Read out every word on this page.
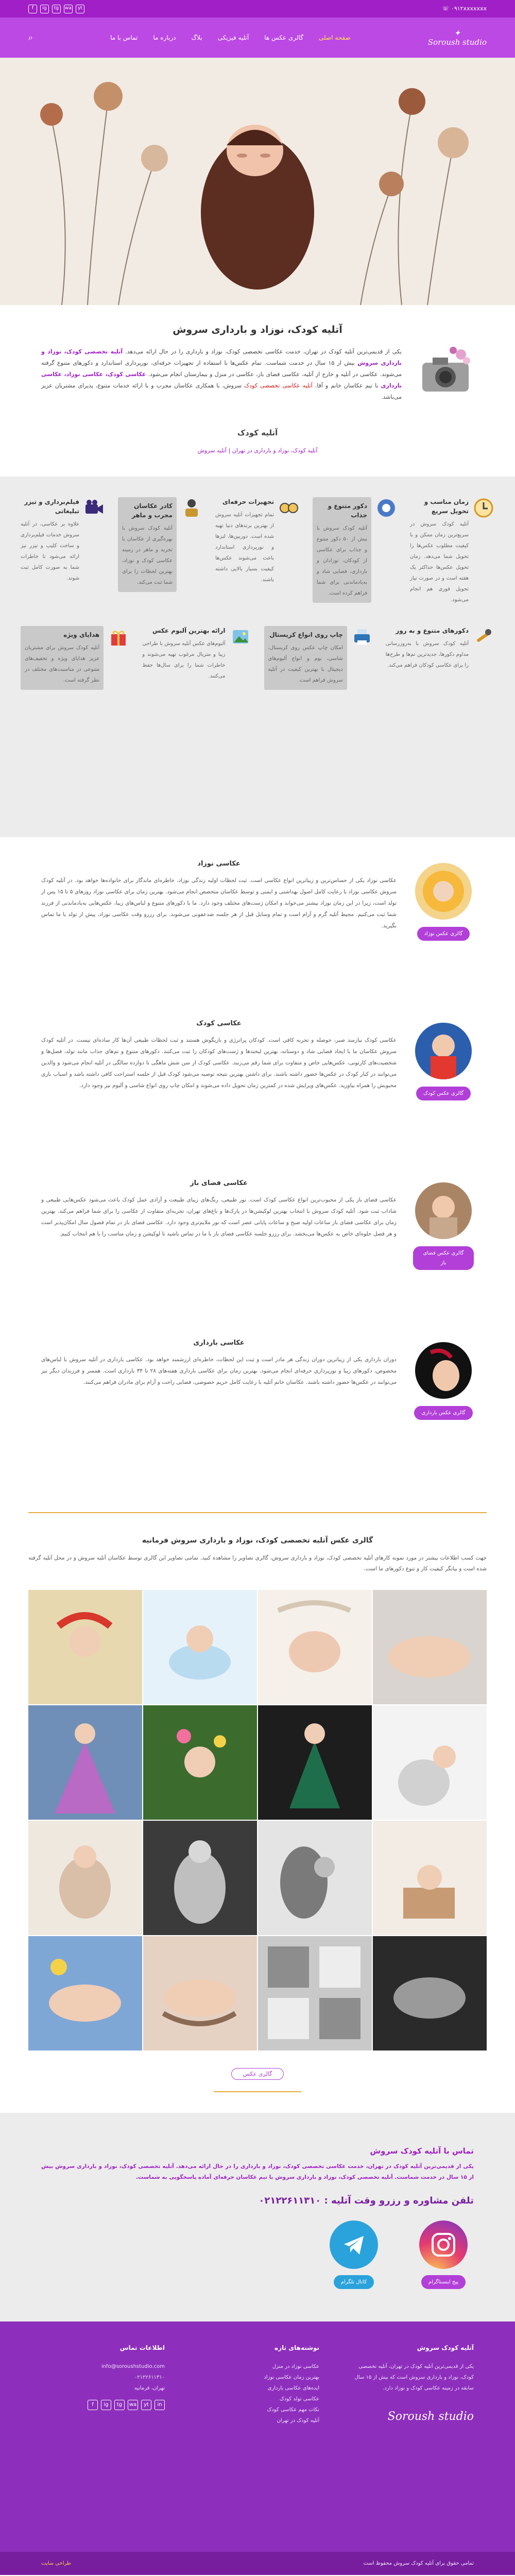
f	ig	tg	wa	yt	☏ ۰۹۱۲xxxxxxx
✦
Soroush studio
صفحه اصلی
گالری عکس ها
آتلیه فیزیکی
بلاگ
درباره ما
تماس با ما
⌕
آتلیه کودک، نوزاد و بارداری سروش

یکی از قدیمی‌ترین آتلیه کودک در تهران، خدمت عکاسی تخصصی کودک، نوزاد و بارداری را در حال ارائه می‌دهد. آتلیه تخصصی کودک، نوزاد و بارداری سروش بیش از ۱۵ سال در خدمت شماست. تمام عکس‌ها با استفاده از تجهیزات حرفه‌ای، نورپردازی استاندارد و دکورهای متنوع گرفته می‌شوند. عکاسی در آتلیه و خارج از آتلیه، عکاسی فضای باز، عکاسی در منزل و بیمارستان انجام می‌شود. عکاسی کودک، عکاسی نوزاد، عکاسی بارداری با تیم عکاسان خانم و آقا. آتلیه عکاسی تخصصی کودک سروش، با همکاری عکاسان مجرب و با ارائه خدمات متنوع، پذیرای مشتریان عزیز می‌باشد.

آتلیه کودک
آتلیه کودک، نوزاد و بارداری در تهران | آتلیه سروش
زمان مناسب و تحویل سریع

آتلیه کودک سروش در سریع‌ترین زمان ممکن و با کیفیت مطلوب عکس‌ها را تحویل شما می‌دهد. زمان تحویل عکس‌ها حداکثر یک هفته است و در صورت نیاز تحویل فوری هم انجام می‌شود.

دکور متنوع و جذاب

آتلیه کودک سروش با بیش از ۵۰ دکور متنوع و جذاب برای عکاسی از کودکان، نوزادان و بارداری، فضایی شاد و به‌یادماندنی برای شما فراهم کرده است.

تجهیزات حرفه‌ای

تمام تجهیزات آتلیه سروش از بهترین برندهای دنیا تهیه شده است. دوربین‌ها، لنزها و نورپردازی استاندارد باعث می‌شوند عکس‌ها کیفیت بسیار بالایی داشته باشند.

کادر عکاسان مجرب و ماهر

آتلیه کودک سروش با بهره‌گیری از عکاسان با تجربه و ماهر در زمینه عکاسی کودک و نوزاد، بهترین لحظات را برای شما ثبت می‌کند.

فیلم‌برداری و تیزر تبلیغاتی

علاوه بر عکاسی، در آتلیه سروش خدمات فیلم‌برداری و ساخت کلیپ و تیزر نیز ارائه می‌شود تا خاطرات شما به صورت کامل ثبت شوند.

دکورهای متنوع و به روز

آتلیه کودک سروش با به‌روزرسانی مداوم دکورها، جدیدترین تم‌ها و طرح‌ها را برای عکاسی کودکان فراهم می‌کند.

چاپ روی انواع کریستال

امکان چاپ عکس روی کریستال، شاسی، بوم و انواع آلبوم‌های دیجیتال با بهترین کیفیت در آتلیه سروش فراهم است.

ارائه بهترین آلبوم عکس

آلبوم‌های عکس آتلیه سروش با طراحی زیبا و متریال مرغوب تهیه می‌شوند و خاطرات شما را برای سال‌ها حفظ می‌کنند.

هدایای ویژه

آتلیه کودک سروش برای مشتریان عزیز هدایای ویژه و تخفیف‌های متنوعی در مناسبت‌های مختلف در نظر گرفته است.

گالری عکس نوزاد
عکاسی نوزاد

عکاسی نوزاد یکی از حساس‌ترین و زیباترین انواع عکاسی است. ثبت لحظات اولیه زندگی نوزاد، خاطره‌ای ماندگار برای خانواده‌ها خواهد بود. در آتلیه کودک سروش عکاسی نوزاد با رعایت کامل اصول بهداشتی و ایمنی و توسط عکاسان متخصص انجام می‌شود. بهترین زمان برای عکاسی نوزاد روزهای ۵ تا ۱۵ پس از تولد است، زیرا در این زمان نوزاد بیشتر می‌خوابد و امکان ژست‌های مختلف وجود دارد. ما با دکورهای متنوع و لباس‌های زیبا، عکس‌هایی به‌یادماندنی از فرزند شما ثبت می‌کنیم. محیط آتلیه گرم و آرام است و تمام وسایل قبل از هر جلسه ضدعفونی می‌شوند. برای رزرو وقت عکاسی نوزاد، پیش از تولد با ما تماس بگیرید.

گالری عکس کودک
عکاسی کودک

عکاسی کودک نیازمند صبر، حوصله و تجربه کافی است. کودکان پرانرژی و بازیگوش هستند و ثبت لحظات طبیعی آن‌ها کار ساده‌ای نیست. در آتلیه کودک سروش عکاسان ما با ایجاد فضایی شاد و دوستانه، بهترین لبخندها و ژست‌های کودکان را ثبت می‌کنند. دکورهای متنوع و تم‌های جذاب مانند تولد، فصل‌ها و شخصیت‌های کارتونی، عکس‌هایی خاص و متفاوت برای شما رقم می‌زنند. عکاسی کودک از سن شش ماهگی تا دوازده سالگی در آتلیه انجام می‌شود و والدین می‌توانند در کنار کودک در عکس‌ها حضور داشته باشند. برای داشتن بهترین نتیجه توصیه می‌شود کودک قبل از جلسه استراحت کافی داشته باشد و اسباب بازی محبوبش را همراه بیاورید. عکس‌های ویرایش شده در کمترین زمان تحویل داده می‌شوند و امکان چاپ روی انواع شاسی و آلبوم نیز وجود دارد.

گالری عکس فضای باز
عکاسی فضای باز

عکاسی فضای باز یکی از محبوب‌ترین انواع عکاسی کودک است. نور طبیعی، رنگ‌های زیبای طبیعت و آزادی عمل کودک باعث می‌شود عکس‌هایی طبیعی و شاداب ثبت شود. آتلیه کودک سروش با انتخاب بهترین لوکیشن‌ها در پارک‌ها و باغ‌های تهران، تجربه‌ای متفاوت از عکاسی را برای شما فراهم می‌کند. بهترین زمان برای عکاسی فضای باز ساعات اولیه صبح و ساعات پایانی عصر است که نور ملایم‌تری وجود دارد. عکاسی فضای باز در تمام فصول سال امکان‌پذیر است و هر فصل جلوه‌ای خاص به عکس‌ها می‌بخشد. برای رزرو جلسه عکاسی فضای باز با ما در تماس باشید تا لوکیشن و زمان مناسب را با هم انتخاب کنیم.

گالری عکس بارداری
عکاسی بارداری

دوران بارداری یکی از زیباترین دوران زندگی هر مادر است و ثبت این لحظات، خاطره‌ای ارزشمند خواهد بود. عکاسی بارداری در آتلیه سروش با لباس‌های مخصوص، دکورهای زیبا و نورپردازی حرفه‌ای انجام می‌شود. بهترین زمان برای عکاسی بارداری هفته‌های ۲۸ تا ۳۴ بارداری است. همسر و فرزندان دیگر نیز می‌توانند در عکس‌ها حضور داشته باشند. عکاسان خانم آتلیه با رعایت کامل حریم خصوصی، فضایی راحت و آرام برای مادران فراهم می‌کنند.

گالری عکس آتلیه تخصصی کودک، نوزاد و بارداری سروش فرمانیه

جهت کسب اطلاعات بیشتر در مورد نمونه کارهای آتلیه تخصصی کودک، نوزاد و بارداری سروش، گالری تصاویر را مشاهده کنید. تمامی تصاویر این گالری توسط عکاسان آتلیه سروش و در محل آتلیه گرفته شده است و بیانگر کیفیت کار و تنوع دکورهای ما است.

گالری عکس
تماس با آتلیه کودک سروش

یکی از قدیمی‌ترین آتلیه کودک در تهران، خدمت عکاسی تخصصی کودک، نوزاد و بارداری را در حال ارائه می‌دهد. آتلیه تخصصی کودک، نوزاد و بارداری سروش بیش از ۱۵ سال در خدمت شماست. آتلیه تخصصی کودک، نوزاد و بارداری سروش با تیم عکاسان حرفه‌ای آماده پاسخگویی به شماست.

تلفن مشاوره و رزرو وقت آتلیه : ۰۲۱۲۲۶۱۱۳۱۰
پیج اینستاگرام
کانال تلگرام
آتلیه کودک سروش

یکی از قدیمی‌ترین آتلیه کودک در تهران، آتلیه تخصصی کودک، نوزاد و بارداری سروش است که بیش از ۱۵ سال سابقه در زمینه عکاسی کودک و نوزاد دارد.

Soroush studio
نوشته‌های تازه
عکاسی نوزاد در منزل
بهترین زمان عکاسی نوزاد
ایده‌های عکاسی بارداری
عکاسی تولد کودک
نکات مهم عکاسی کودک
آتلیه کودک در تهران
اطلاعات تماس

info@soroushstudio.com

۰۲۱۲۲۶۱۱۳۱۰

تهران، فرمانیه

f	ig	tg	wa	yt	in
تمامی حقوق برای آتلیه کودک سروش محفوظ است
طراحی سایت
